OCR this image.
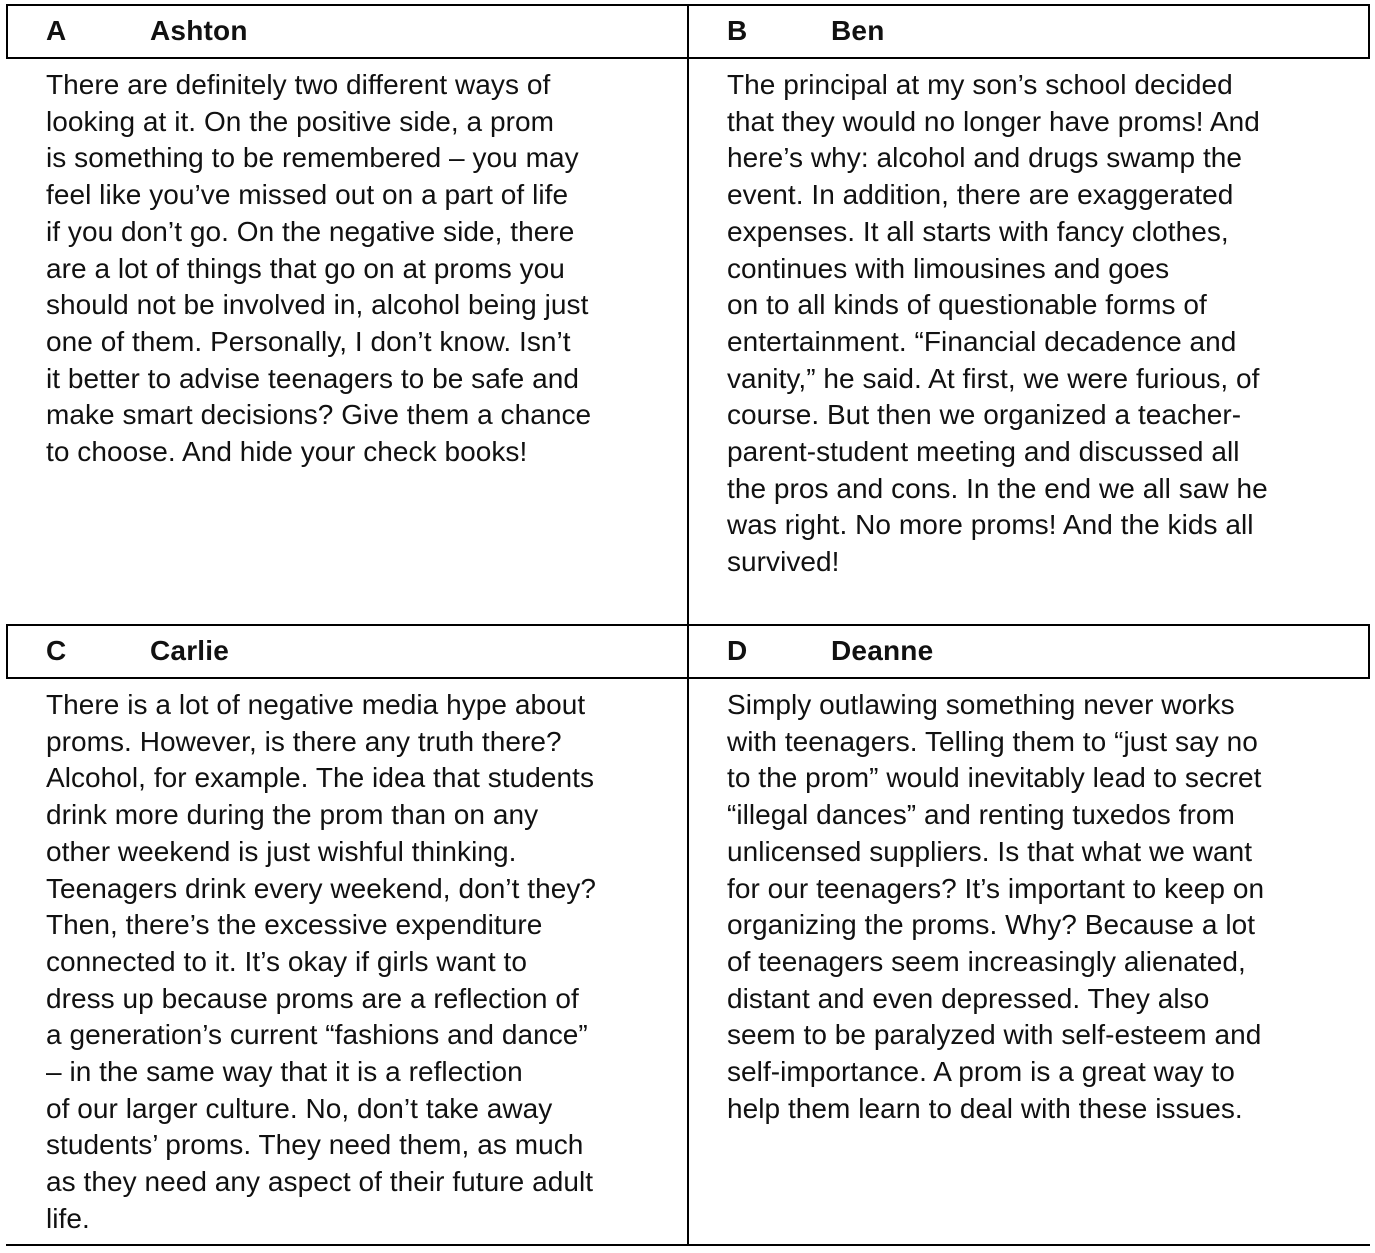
A	Ashton
There are definitely two different ways of
looking at it. On the positive side, a prom
is something to be remembered – you may
feel like you’ve missed out on a part of life
if you don’t go. On the negative side, there
are a lot of things that go on at proms you
should not be involved in, alcohol being just
one of them. Personally, I don’t know. Isn’t
it better to advise teenagers to be safe and
make smart decisions? Give them a chance
to choose. And hide your check books!
B	Ben
The principal at my son’s school decided
that they would no longer have proms! And
here’s why: alcohol and drugs swamp the
event. In addition, there are exaggerated
expenses. It all starts with fancy clothes,
continues with limousines and goes
on to all kinds of questionable forms of
entertainment. “Financial decadence and
vanity,” he said. At first, we were furious, of
course. But then we organized a teacher-
parent-student meeting and discussed all
the pros and cons. In the end we all saw he
was right. No more proms! And the kids all
survived!
C	Carlie
There is a lot of negative media hype about
proms. However, is there any truth there?
Alcohol, for example. The idea that students
drink more during the prom than on any
other weekend is just wishful thinking.
Teenagers drink every weekend, don’t they?
Then, there’s the excessive expenditure
connected to it. It’s okay if girls want to
dress up because proms are a reflection of
a generation’s current “fashions and dance”
– in the same way that it is a reflection
of our larger culture. No, don’t take away
students’ proms. They need them, as much
as they need any aspect of their future adult
life.
D	Deanne
Simply outlawing something never works
with teenagers. Telling them to “just say no
to the prom” would inevitably lead to secret
“illegal dances” and renting tuxedos from
unlicensed suppliers. Is that what we want
for our teenagers? It’s important to keep on
organizing the proms. Why? Because a lot
of teenagers seem increasingly alienated,
distant and even depressed. They also
seem to be paralyzed with self-esteem and
self-importance. A prom is a great way to
help them learn to deal with these issues.
